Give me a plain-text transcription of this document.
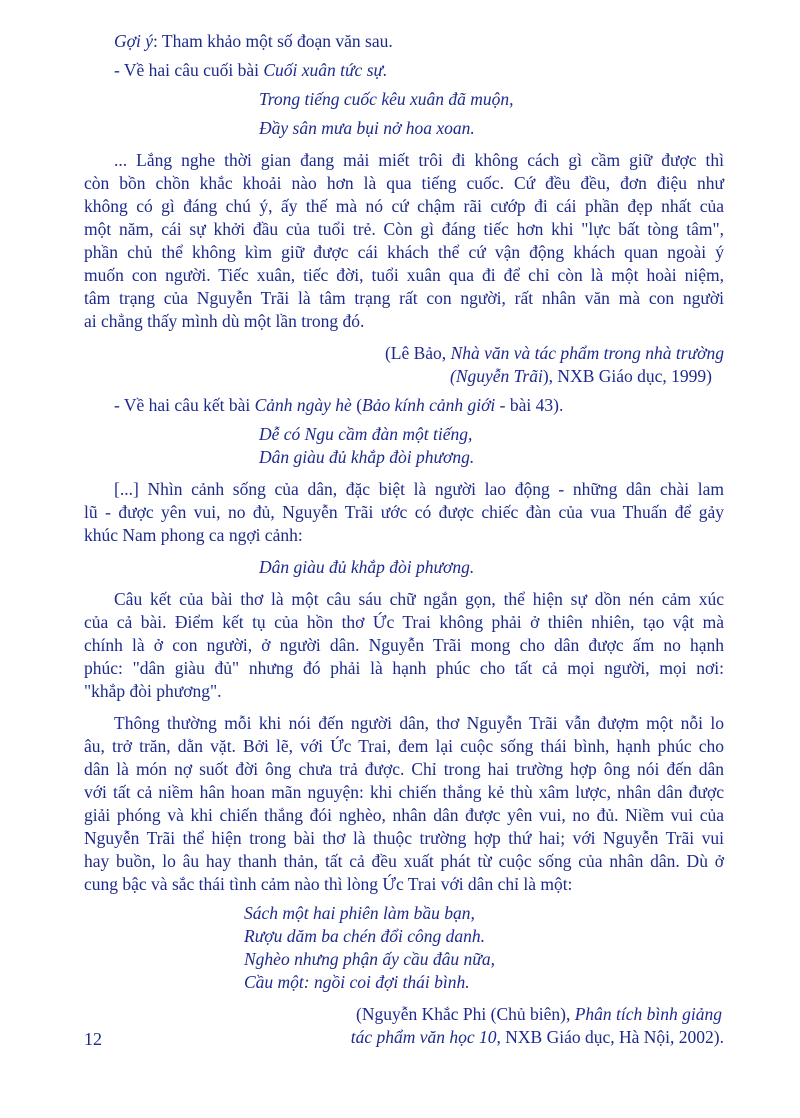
Gợi ý: Tham khảo một số đoạn văn sau.
- Về hai câu cuối bài Cuối xuân tức sự.
Trong tiếng cuốc kêu xuân đã muộn,
Đầy sân mưa bụi nở hoa xoan.
... Lắng nghe thời gian đang mải miết trôi đi không cách gì cầm giữ được thì
còn bồn chồn khắc khoải nào hơn là qua tiếng cuốc. Cứ đều đều, đơn điệu như
không có gì đáng chú ý, ấy thế mà nó cứ chậm rãi cướp đi cái phần đẹp nhất của
một năm, cái sự khởi đầu của tuổi trẻ. Còn gì đáng tiếc hơn khi "lực bất tòng tâm",
phần chủ thể không kìm giữ được cái khách thể cứ vận động khách quan ngoài ý
muốn con người. Tiếc xuân, tiếc đời, tuổi xuân qua đi để chỉ còn là một hoài niệm,
tâm trạng của Nguyễn Trãi là tâm trạng rất con người, rất nhân văn mà con người
ai chẳng thấy mình dù một lần trong đó.
(Lê Bảo, Nhà văn và tác phẩm trong nhà trường
(Nguyễn Trãi), NXB Giáo dục, 1999)
- Về hai câu kết bài Cảnh ngày hè (Bảo kính cảnh giới - bài 43).
Dễ có Ngu cầm đàn một tiếng,
Dân giàu đủ khắp đòi phương.
[...] Nhìn cảnh sống của dân, đặc biệt là người lao động - những dân chài lam
lũ - được yên vui, no đủ, Nguyễn Trãi ước có được chiếc đàn của vua Thuấn để gảy
khúc Nam phong ca ngợi cảnh:
Dân giàu đủ khắp đòi phương.
Câu kết của bài thơ là một câu sáu chữ ngắn gọn, thể hiện sự dồn nén cảm xúc
của cả bài. Điểm kết tụ của hồn thơ Ức Trai không phải ở thiên nhiên, tạo vật mà
chính là ở con người, ở người dân. Nguyễn Trãi mong cho dân được ấm no hạnh
phúc: "dân giàu đủ" nhưng đó phải là hạnh phúc cho tất cả mọi người, mọi nơi:
"khắp đòi phương".
Thông thường mỗi khi nói đến người dân, thơ Nguyễn Trãi vẫn đượm một nỗi lo
âu, trở trăn, dằn vặt. Bởi lẽ, với Ức Trai, đem lại cuộc sống thái bình, hạnh phúc cho
dân là món nợ suốt đời ông chưa trả được. Chỉ trong hai trường hợp ông nói đến dân
với tất cả niềm hân hoan mãn nguyện: khi chiến thắng kẻ thù xâm lược, nhân dân được
giải phóng và khi chiến thắng đói nghèo, nhân dân được yên vui, no đủ. Niềm vui của
Nguyễn Trãi thể hiện trong bài thơ là thuộc trường hợp thứ hai; với Nguyễn Trãi vui
hay buồn, lo âu hay thanh thản, tất cả đều xuất phát từ cuộc sống của nhân dân. Dù ở
cung bậc và sắc thái tình cảm nào thì lòng Ức Trai với dân chỉ là một:
Sách một hai phiên làm bầu bạn,
Rượu dăm ba chén đổi công danh.
Nghèo nhưng phận ấy cầu đâu nữa,
Cầu một: ngồi coi đợi thái bình.
(Nguyễn Khắc Phi (Chủ biên), Phân tích bình giảng
tác phẩm văn học 10, NXB Giáo dục, Hà Nội, 2002).
12
